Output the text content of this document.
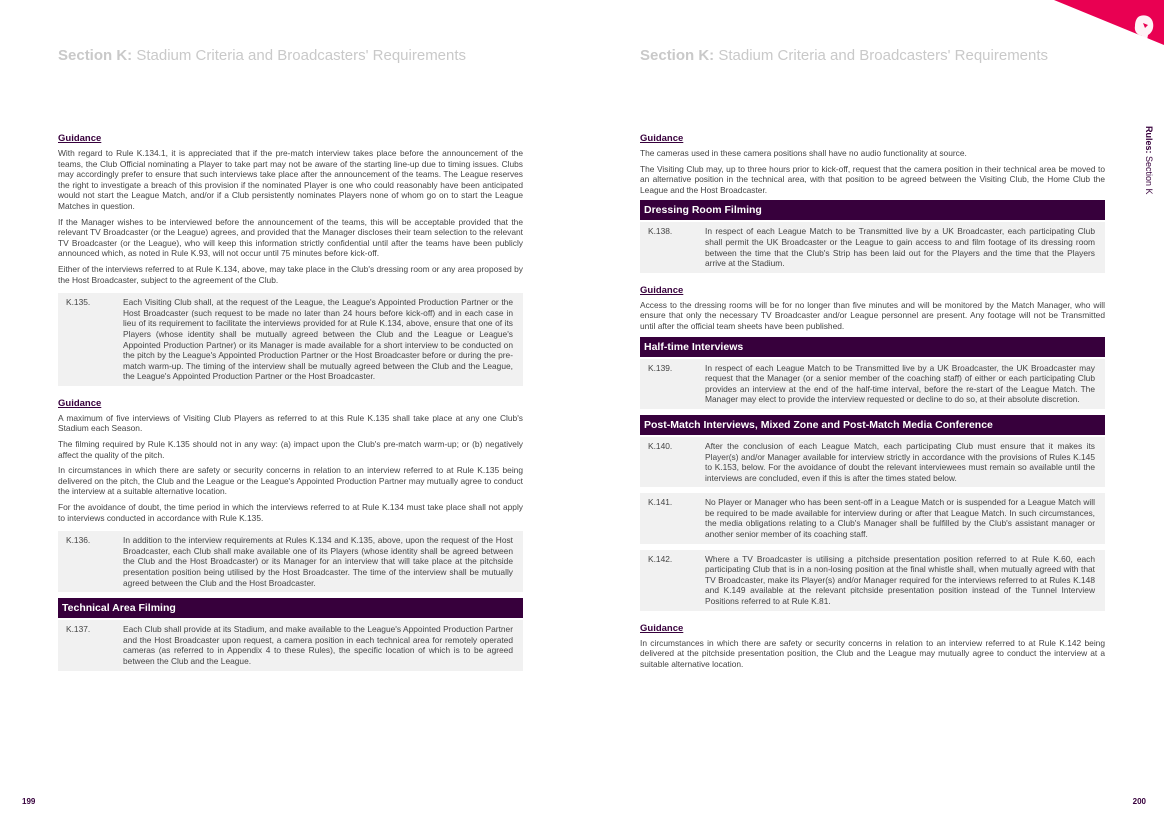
Section K: Stadium Criteria and Broadcasters' Requirements
Guidance

With regard to Rule K.134.1, it is appreciated that if the pre-match interview takes place before the announcement of the teams, the Club Official nominating a Player to take part may not be aware of the starting line-up due to timing issues. Clubs may accordingly prefer to ensure that such interviews take place after the announcement of the teams. The League reserves the right to investigate a breach of this provision if the nominated Player is one who could reasonably have been anticipated would not start the League Match, and/or if a Club persistently nominates Players none of whom go on to start the League Matches in question.

If the Manager wishes to be interviewed before the announcement of the teams, this will be acceptable provided that the relevant TV Broadcaster (or the League) agrees, and provided that the Manager discloses their team selection to the relevant TV Broadcaster (or the League), who will keep this information strictly confidential until after the teams have been publicly announced which, as noted in Rule K.93, will not occur until 75 minutes before kick-off.

Either of the interviews referred to at Rule K.134, above, may take place in the Club's dressing room or any area proposed by the Host Broadcaster, subject to the agreement of the Club.

K.135.	Each Visiting Club shall, at the request of the League, the League's Appointed Production Partner or the Host Broadcaster (such request to be made no later than 24 hours before kick-off) and in each case in lieu of its requirement to facilitate the interviews provided for at Rule K.134, above, ensure that one of its Players (whose identity shall be mutually agreed between the Club and the League or League's Appointed Production Partner) or its Manager is made available for a short interview to be conducted on the pitch by the League's Appointed Production Partner or the Host Broadcaster before or during the pre-match warm-up. The timing of the interview shall be mutually agreed between the Club and the League, the League's Appointed Production Partner or the Host Broadcaster.
Guidance

A maximum of five interviews of Visiting Club Players as referred to at this Rule K.135 shall take place at any one Club's Stadium each Season.

The filming required by Rule K.135 should not in any way: (a) impact upon the Club's pre-match warm-up; or (b) negatively affect the quality of the pitch.

In circumstances in which there are safety or security concerns in relation to an interview referred to at Rule K.135 being delivered on the pitch, the Club and the League or the League's Appointed Production Partner may mutually agree to conduct the interview at a suitable alternative location.

For the avoidance of doubt, the time period in which the interviews referred to at Rule K.134 must take place shall not apply to interviews conducted in accordance with Rule K.135.

K.136.	In addition to the interview requirements at Rules K.134 and K.135, above, upon the request of the Host Broadcaster, each Club shall make available one of its Players (whose identity shall be agreed between the Club and the Host Broadcaster) or its Manager for an interview that will take place at the pitchside presentation position being utilised by the Host Broadcaster. The time of the interview shall be mutually agreed between the Club and the Host Broadcaster.
Technical Area Filming
K.137.	Each Club shall provide at its Stadium, and make available to the League's Appointed Production Partner and the Host Broadcaster upon request, a camera position in each technical area for remotely operated cameras (as referred to in Appendix 4 to these Rules), the specific location of which is to be agreed between the Club and the League.
199
Section K: Stadium Criteria and Broadcasters' Requirements
Rules: Section K
Guidance

The cameras used in these camera positions shall have no audio functionality at source.

The Visiting Club may, up to three hours prior to kick-off, request that the camera position in their technical area be moved to an alternative position in the technical area, with that position to be agreed between the Visiting Club, the Home Club the League and the Host Broadcaster.

Dressing Room Filming
K.138.	In respect of each League Match to be Transmitted live by a UK Broadcaster, each participating Club shall permit the UK Broadcaster or the League to gain access to and film footage of its dressing room between the time that the Club's Strip has been laid out for the Players and the time that the Players arrive at the Stadium.
Guidance

Access to the dressing rooms will be for no longer than five minutes and will be monitored by the Match Manager, who will ensure that only the necessary TV Broadcaster and/or League personnel are present. Any footage will not be Transmitted until after the official team sheets have been published.

Half-time Interviews
K.139.	In respect of each League Match to be Transmitted live by a UK Broadcaster, the UK Broadcaster may request that the Manager (or a senior member of the coaching staff) of either or each participating Club provides an interview at the end of the half-time interval, before the re-start of the League Match. The Manager may elect to provide the interview requested or decline to do so, at their absolute discretion.
Post-Match Interviews, Mixed Zone and Post-Match Media Conference
K.140.	After the conclusion of each League Match, each participating Club must ensure that it makes its Player(s) and/or Manager available for interview strictly in accordance with the provisions of Rules K.145 to K.153, below. For the avoidance of doubt the relevant interviewees must remain so available until the interviews are concluded, even if this is after the times stated below.
K.141.	No Player or Manager who has been sent-off in a League Match or is suspended for a League Match will be required to be made available for interview during or after that League Match. In such circumstances, the media obligations relating to a Club's Manager shall be fulfilled by the Club's assistant manager or another senior member of its coaching staff.
K.142.	Where a TV Broadcaster is utilising a pitchside presentation position referred to at Rule K.60, each participating Club that is in a non-losing position at the final whistle shall, when mutually agreed with that TV Broadcaster, make its Player(s) and/or Manager required for the interviews referred to at Rules K.148 and K.149 available at the relevant pitchside presentation position instead of the Tunnel Interview Positions referred to at Rule K.81.
Guidance

In circumstances in which there are safety or security concerns in relation to an interview referred to at Rule K.142 being delivered at the pitchside presentation position, the Club and the League may mutually agree to conduct the interview at a suitable alternative location.

200
